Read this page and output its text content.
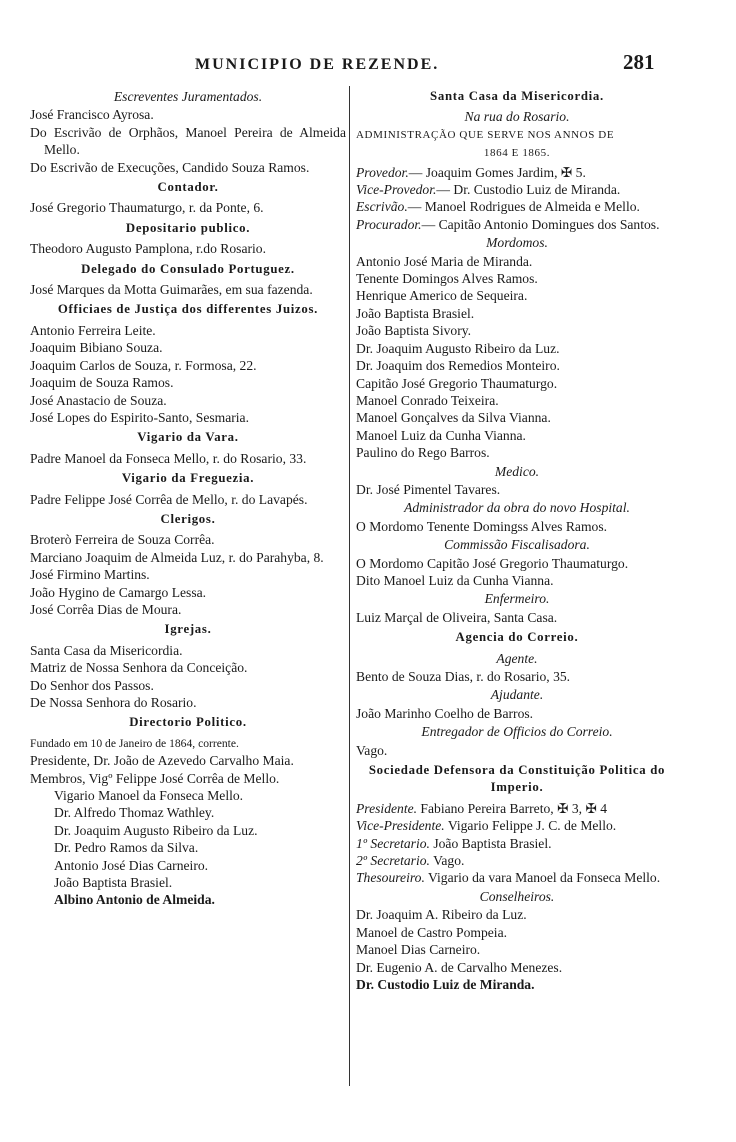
MUNICIPIO DE REZENDE.	281

Escreventes Juramentados.

José Francisco Ayrosa.

Do Escrivão de Orphãos, Manoel Pereira de Almeida Mello.

Do Escrivão de Execuções, Candido Souza Ramos.

Contador.

José Gregorio Thaumaturgo, r. da Ponte, 6.

Depositario publico.

Theodoro Augusto Pamplona, r.do Rosario.

Delegado do Consulado Portuguez.

José Marques da Motta Guimarães, em sua fazenda.

Officiaes de Justiça dos differentes Juizos.

Antonio Ferreira Leite.

Joaquim Bibiano Souza.

Joaquim Carlos de Souza, r. Formosa, 22.

Joaquim de Souza Ramos.

José Anastacio de Souza.

José Lopes do Espirito-Santo, Sesmaria.

Vigario da Vara.

Padre Manoel da Fonseca Mello, r. do Rosario, 33.

Vigario da Freguezia.

Padre Felippe José Corrêa de Mello, r. do Lavapés.

Clerigos.

Broterò Ferreira de Souza Corrêa.

Marciano Joaquim de Almeida Luz, r. do Parahyba, 8.

José Firmino Martins.

João Hygino de Camargo Lessa.

José Corrêa Dias de Moura.

Igrejas.

Santa Casa da Misericordia.

Matriz de Nossa Senhora da Conceição.

Do Senhor dos Passos.

De Nossa Senhora do Rosario.

Directorio Politico.

Fundado em 10 de Janeiro de 1864, corrente.

Presidente, Dr. João de Azevedo Carvalho Maia.

Membros, Vigº Felippe José Corrêa de Mello.

Vigario Manoel da Fonseca Mello.

Dr. Alfredo Thomaz Wathley.

Dr. Joaquim Augusto Ribeiro da Luz.

Dr. Pedro Ramos da Silva.

Antonio José Dias Carneiro.

João Baptista Brasiel.

Albino Antonio de Almeida.

Santa Casa da Misericordia.

Na rua do Rosario.

ADMINISTRAÇÃO QUE SERVE NOS ANNOS DE

1864 E 1865.

Provedor.— Joaquim Gomes Jardim, ✠ 5.

Vice-Provedor.— Dr. Custodio Luiz de Miranda.

Escrivão.— Manoel Rodrigues de Almeida e Mello.

Procurador.— Capitão Antonio Domingues dos Santos.

Mordomos.

Antonio José Maria de Miranda.

Tenente Domingos Alves Ramos.

Henrique Americo de Sequeira.

João Baptista Brasiel.

João Baptista Sivory.

Dr. Joaquim Augusto Ribeiro da Luz.

Dr. Joaquim dos Remedios Monteiro.

Capitão José Gregorio Thaumaturgo.

Manoel Conrado Teixeira.

Manoel Gonçalves da Silva Vianna.

Manoel Luiz da Cunha Vianna.

Paulino do Rego Barros.

Medico.

Dr. José Pimentel Tavares.

Administrador da obra do novo Hospital.

O Mordomo Tenente Domingss Alves Ramos.

Commissão Fiscalisadora.

O Mordomo Capitão José Gregorio Thaumaturgo.

Dito Manoel Luiz da Cunha Vianna.

Enfermeiro.

Luiz Marçal de Oliveira, Santa Casa.

Agencia do Correio.

Agente.

Bento de Souza Dias, r. do Rosario, 35.

Ajudante.

João Marinho Coelho de Barros.

Entregador de Officios do Correio.

Vago.

Sociedade Defensora da Constituição Politica do Imperio.

Presidente. Fabiano Pereira Barreto, ✠ 3, ✠ 4

Vice-Presidente. Vigario Felippe J. C. de Mello.

1º Secretario. João Baptista Brasiel.

2º Secretario. Vago.

Thesoureiro. Vigario da vara Manoel da Fonseca Mello.

Conselheiros.

Dr. Joaquim A. Ribeiro da Luz.

Manoel de Castro Pompeia.

Manoel Dias Carneiro.

Dr. Eugenio A. de Carvalho Menezes.

Dr. Custodio Luiz de Miranda.
